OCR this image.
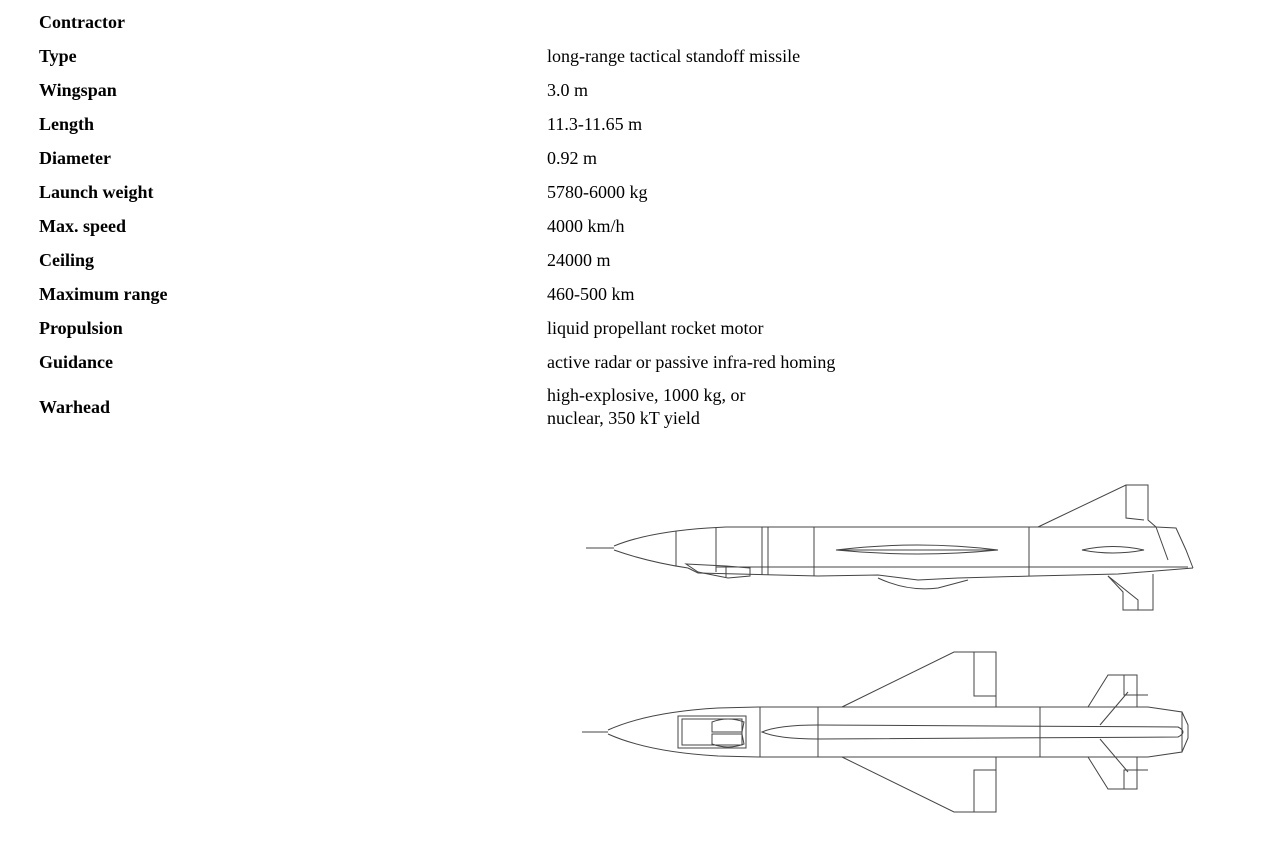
Contractor	
Type	long-range tactical standoff missile
Wingspan	3.0 m
Length	11.3-11.65 m
Diameter	0.92 m
Launch weight	5780-6000 kg
Max. speed	4000 km/h
Ceiling	24000 m
Maximum range	460-500 km
Propulsion	liquid propellant rocket motor
Guidance	active radar or passive infra-red homing
Warhead	high-explosive, 1000 kg, or
nuclear, 350 kT yield
